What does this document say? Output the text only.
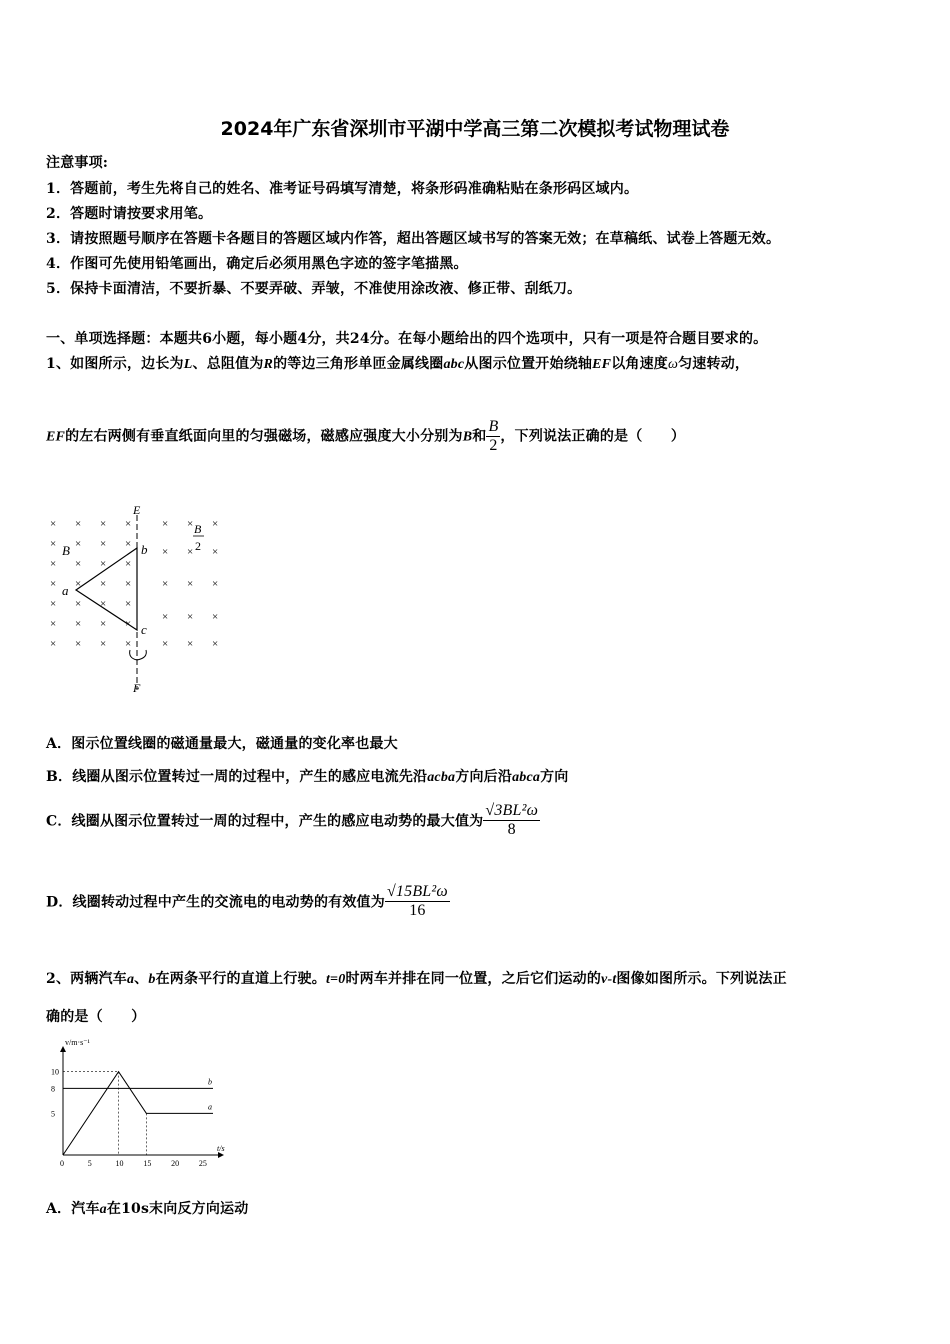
2024年广东省深圳市平湖中学高三第二次模拟考试物理试卷
注意事项:
1．答题前，考生先将自己的姓名、准考证号码填写清楚，将条形码准确粘贴在条形码区域内。
2．答题时请按要求用笔。
3．请按照题号顺序在答题卡各题目的答题区域内作答，超出答题区域书写的答案无效；在草稿纸、试卷上答题无效。
4．作图可先使用铅笔画出，确定后必须用黑色字迹的签字笔描黑。
5．保持卡面清洁，不要折暴、不要弄破、弄皱，不准使用涂改液、修正带、刮纸刀。
一、单项选择题：本题共6小题，每小题4分，共24分。在每小题给出的四个选项中，只有一项是符合题目要求的。
1、如图所示，边长为L、总阻值为R的等边三角形单匝金属线圈abc从图示位置开始绕轴EF以角速度ω匀速转动，
EF的左右两侧有垂直纸面向里的匀强磁场，磁感应强度大小分别为B和 $\frac{B}{2}$ ，下列说法正确的是（　　）
× × × ×
× × × ×
× × × ×
× × × ×
× × × ×
× × × ×
× × × ×
× × ×
× × ×
× × ×
× × ×
× × ×
E
F
B
B
2
a
b
c
A．图示位置线圈的磁通量最大，磁通量的变化率也最大
B．线圈从图示位置转过一周的过程中，产生的感应电流先沿acba方向后沿abca方向
C．线圈从图示位置转过一周的过程中，产生的感应电动势的最大值为 $\frac{\text{√3BL²ω}}{8}$
D．线圈转动过程中产生的交流电的电动势的有效值为 $\frac{\text{√15BL²ω}}{16}$
2、两辆汽车a、b在两条平行的直道上行驶。t=0时两车并排在同一位置，之后它们运动的v-t图像如图所示。下列说法正
确的是（　　）
0	5	10 15 20 25
5
8
10
b
a
v/m·s⁻¹
t/s
A．汽车a在10s末向反方向运动
